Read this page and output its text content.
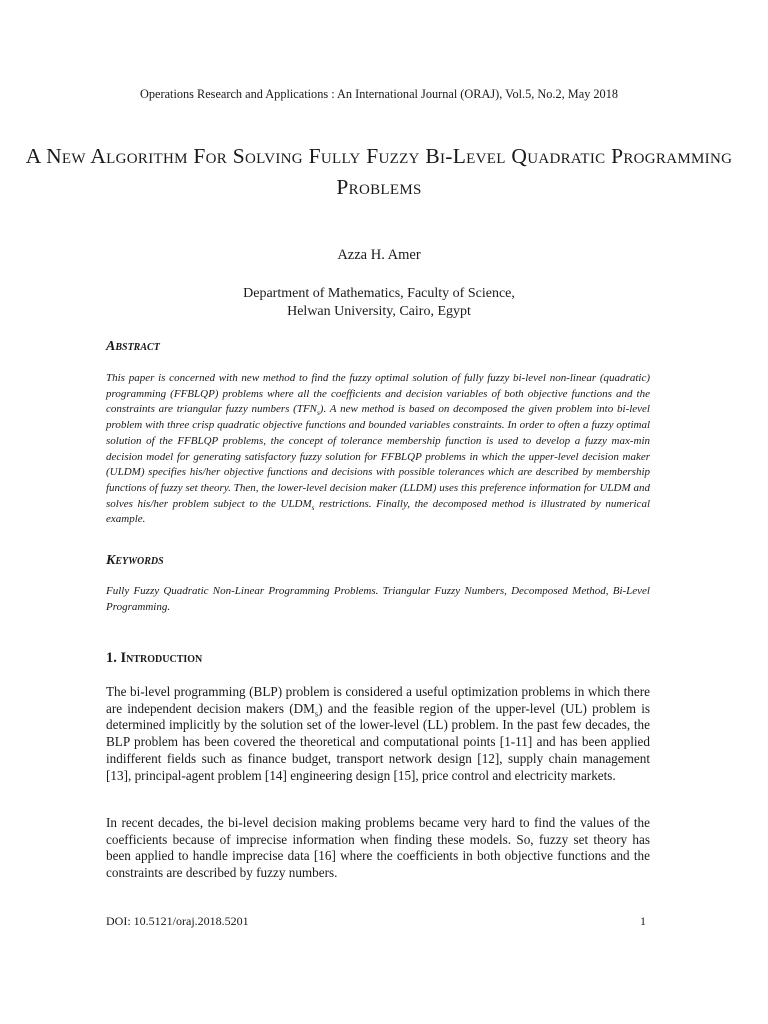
Operations Research and Applications : An International Journal (ORAJ), Vol.5, No.2, May 2018
A New Algorithm For Solving Fully Fuzzy Bi-Level Quadratic Programming Problems
Azza H. Amer
Department of Mathematics, Faculty of Science,
Helwan University, Cairo, Egypt
Abstract

This paper is concerned with new method to find the fuzzy optimal solution of fully fuzzy bi-level non-linear (quadratic) programming (FFBLQP) problems where all the coefficients and decision variables of both objective functions and the constraints are triangular fuzzy numbers $(TFN_s)$. A new method is based on decomposed the given problem into bi-level problem with three crisp quadratic objective functions and bounded variables constraints. In order to often a fuzzy optimal solution of the FFBLQP problems, the concept of tolerance membership function is used to develop a fuzzy max-min decision model for generating satisfactory fuzzy solution for FFBLQP problems in which the upper-level decision maker (ULDM) specifies his/her objective functions and decisions with possible tolerances which are described by membership functions of fuzzy set theory. Then, the lower-level decision maker (LLDM) uses this preference information for ULDM and solves his/her problem subject to the $ULDM_s$ restrictions. Finally, the decomposed method is illustrated by numerical example.

Keywords

Fully Fuzzy Quadratic Non-Linear Programming Problems. Triangular Fuzzy Numbers, Decomposed Method, Bi-Level Programming.

1. Introduction

The bi-level programming (BLP) problem is considered a useful optimization problems in which there are independent decision makers $(DM_s)$ and the feasible region of the upper-level (UL) problem is determined implicitly by the solution set of the lower-level (LL) problem. In the past few decades, the BLP problem has been covered the theoretical and computational points [1-11] and has been applied indifferent fields such as finance budget, transport network design [12], supply chain management [13], principal-agent problem [14] engineering design [15], price control and electricity markets.

In recent decades, the bi-level decision making problems became very hard to find the values of the coefficients because of imprecise information when finding these models. So, fuzzy set theory has been applied to handle imprecise data [16] where the coefficients in both objective functions and the constraints are described by fuzzy numbers.

DOI: 10.5121/oraj.2018.5201	1
